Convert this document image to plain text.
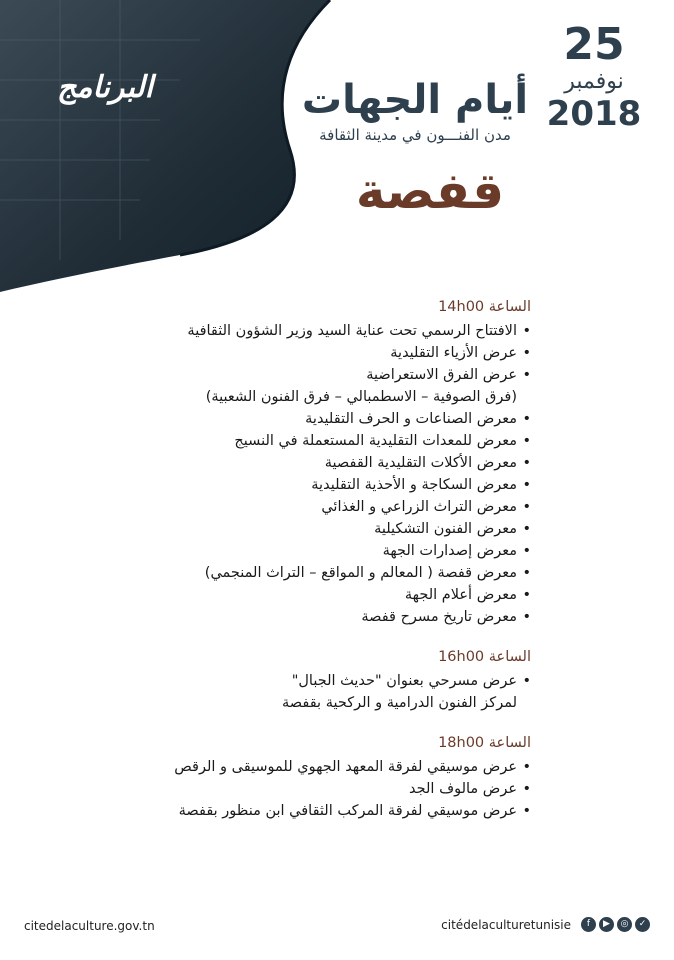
البرنامج	أيام الجهات
مدن الفنـــون في مدينة الثقافة
قفصة
25
نوفمبر
2018
الساعة 14h00
• الافتتاح الرسمي تحت عناية السيد وزير الشؤون الثقافية
• عرض الأزياء التقليدية
• عرض الفرق الاستعراضية
(فرق الصوفية – الاسطمبالي – فرق الفنون الشعبية)
• معرض الصناعات و الحرف التقليدية
• معرض للمعدات التقليدية المستعملة في النسيج
• معرض الأكلات التقليدية القفصية
• معرض السكاجة و الأحذية التقليدية
• معرض التراث الزراعي و الغذائي
• معرض الفنون التشكيلية
• معرض إصدارات الجهة
• معرض قفصة ( المعالم و المواقع – التراث المنجمي)
• معرض أعلام الجهة
• معرض تاريخ مسرح قفصة
الساعة 16h00
• عرض مسرحي بعنوان "حديث الجبال"
لمركز الفنون الدرامية و الركحية بقفصة
الساعة 18h00
• عرض موسيقي لفرقة المعهد الجهوي للموسيقى و الرقص
• عرض مالوف الجد
• عرض موسيقي لفرقة المركب الثقافي ابن منظور بقفصة
citedelaculture.gov.tn	citédelaculturetunisie	f	▶	◎	✓
